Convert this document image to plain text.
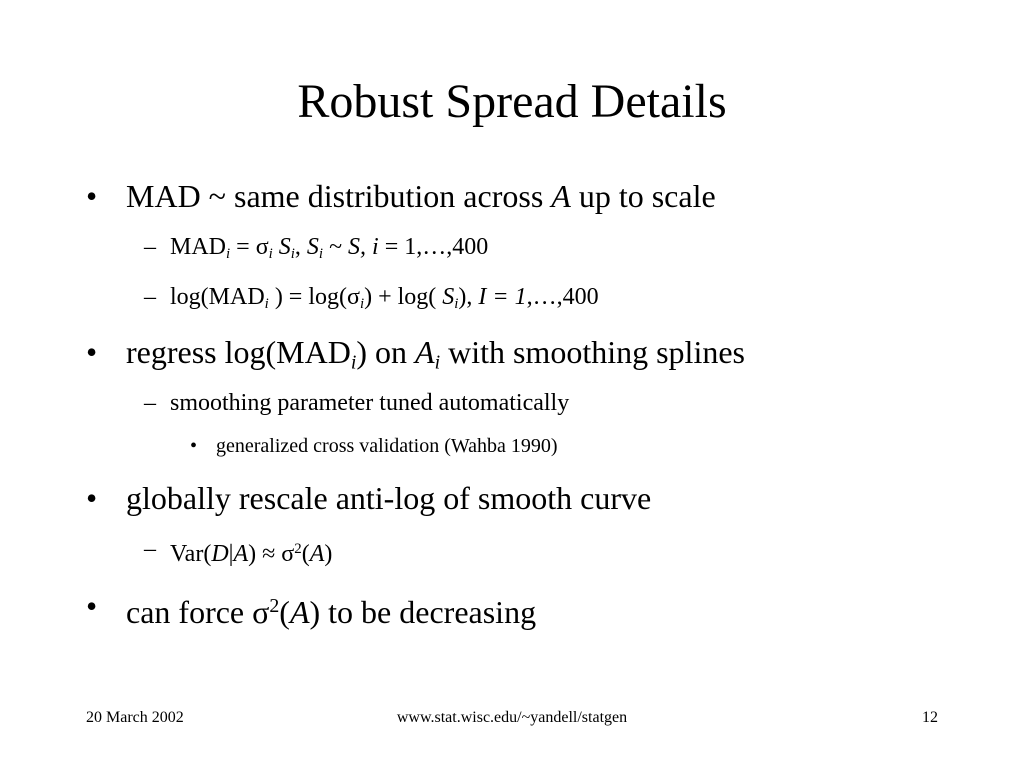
Robust Spread Details
• MAD ~ same distribution across A up to scale
– $MAD_i = \sigma_i$ $S_i$, $S_i$ ~ S, i = 1,…,400
– $\log(MAD_i$ ) = $\log(\sigma_i) + \log$( $S_i$), I = 1,…,400
• regress $\log(MAD_i)$ on $A_i$ with smoothing splines
– smoothing parameter tuned automatically
• generalized cross validation (Wahba 1990)
• globally rescale anti-log of smooth curve
– $Var(D|A) \approx \sigma^2(A)$
• can force $\sigma^2(A)$ to be decreasing
20 March 2002	www.stat.wisc.edu/~yandell/statgen	12
